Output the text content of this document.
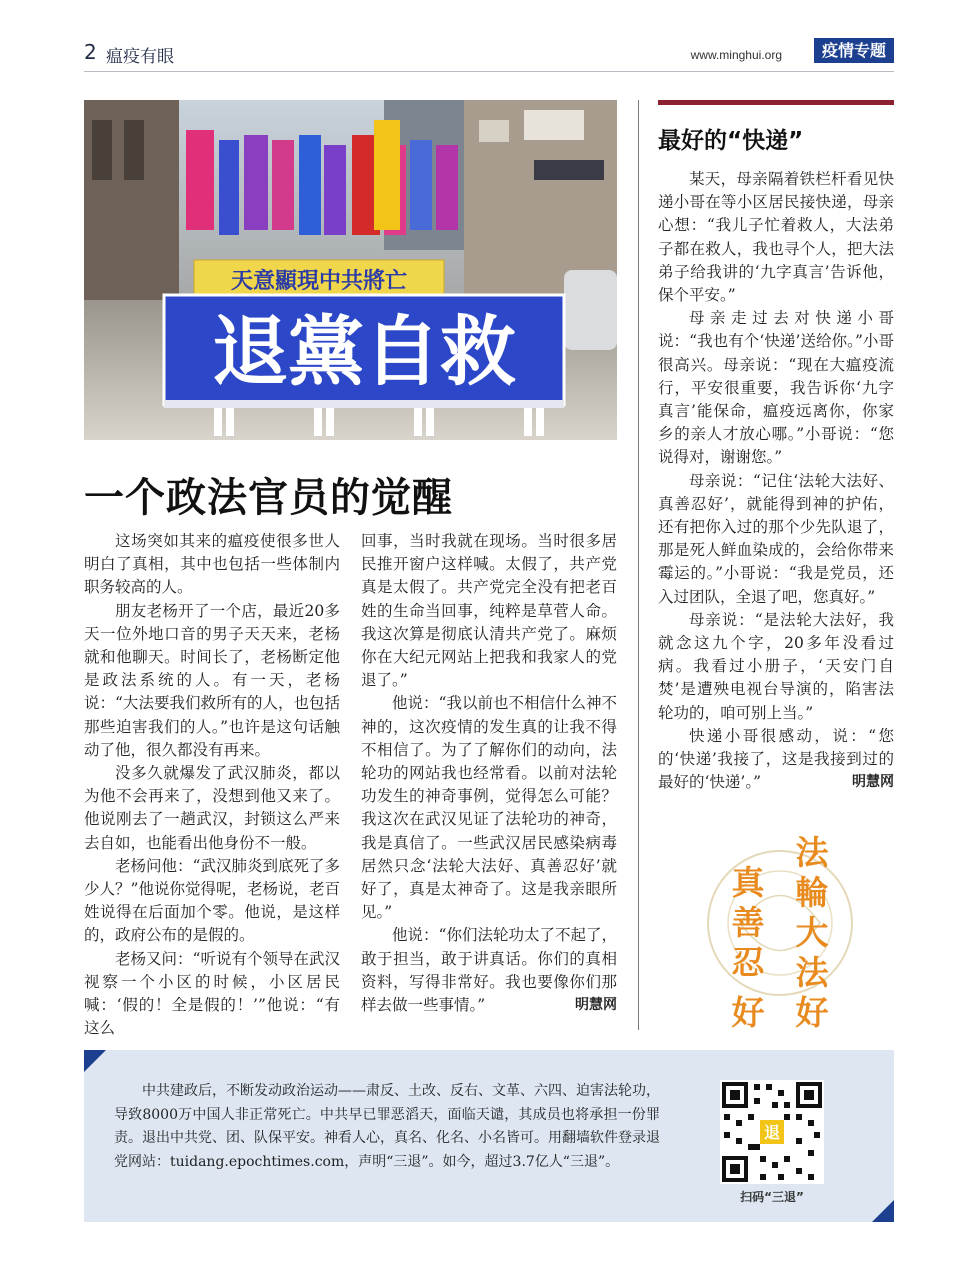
2 瘟疫有眼	www.minghui.org	疫情专题
天意顯現中共將亡
退黨自救
一个政法官员的觉醒

这场突如其来的瘟疫使很多世人明白了真相，其中也包括一些体制内职务较高的人。

朋友老杨开了一个店，最近20多天一位外地口音的男子天天来，老杨就和他聊天。时间长了，老杨断定他是政法系统的人。有一天，老杨说：“大法要我们救所有的人，也包括那些迫害我们的人。”也许是这句话触动了他，很久都没有再来。

没多久就爆发了武汉肺炎，都以为他不会再来了，没想到他又来了。他说刚去了一趟武汉，封锁这么严来去自如，也能看出他身份不一般。

老杨问他：“武汉肺炎到底死了多少人？”他说你觉得呢，老杨说，老百姓说得在后面加个零。他说，是这样的，政府公布的是假的。

老杨又问：“听说有个领导在武汉视察一个小区的时候，小区居民喊：‘假的！全是假的！’”他说：“有这么

回事，当时我就在现场。当时很多居民推开窗户这样喊。太假了，共产党真是太假了。共产党完全没有把老百姓的生命当回事，纯粹是草菅人命。我这次算是彻底认清共产党了。麻烦你在大纪元网站上把我和我家人的党退了。”

他说：“我以前也不相信什么神不神的，这次疫情的发生真的让我不得不相信了。为了了解你们的动向，法轮功的网站我也经常看。以前对法轮功发生的神奇事例，觉得怎么可能？我这次在武汉见证了法轮功的神奇，我是真信了。一些武汉居民感染病毒居然只念‘法轮大法好、真善忍好’就好了，真是太神奇了。这是我亲眼所见。”

他说：“你们法轮功太了不起了，敢于担当，敢于讲真话。你们的真相资料，写得非常好。我也要像你们那样去做一些事情。”	明慧网
最好的“快递”

某天，母亲隔着铁栏杆看见快递小哥在等小区居民接快递，母亲心想：“我儿子忙着救人，大法弟子都在救人，我也寻个人，把大法弟子给我讲的‘九字真言’告诉他，保个平安。”

母亲走过去对快递小哥说：“我也有个‘快递’送给你。”小哥很高兴。母亲说：“现在大瘟疫流行，平安很重要，我告诉你‘九字真言’能保命，瘟疫远离你，你家乡的亲人才放心哪。”小哥说：“您说得对，谢谢您。”

母亲说：“记住‘法轮大法好、真善忍好’，就能得到神的护佑，还有把你入过的那个少先队退了，那是死人鲜血染成的，会给你带来霉运的。”小哥说：“我是党员，还入过团队，全退了吧，您真好。”

母亲说：“是法轮大法好，我就念这九个字，20多年没看过病。我看过小册子，‘天安门自焚’是遭殃电视台导演的，陷害法轮功的，咱可别上当。”

快递小哥很感动，说：“您的‘快递’我接了，这是我接到过的最好的‘快递’。”	明慧网
法
輪
大
法
好
真
善
忍
好

中共建政后，不断发动政治运动——肃反、土改、反右、文革、六四、迫害法轮功，导致8000万中国人非正常死亡。中共早已罪恶滔天，面临天谴，其成员也将承担一份罪责。退出中共党、团、队保平安。神看人心，真名、化名、小名皆可。用翻墙软件登录退党网站：tuidang.epochtimes.com，声明“三退”。如今，超过3.7亿人“三退”。

退
扫码“三退”
